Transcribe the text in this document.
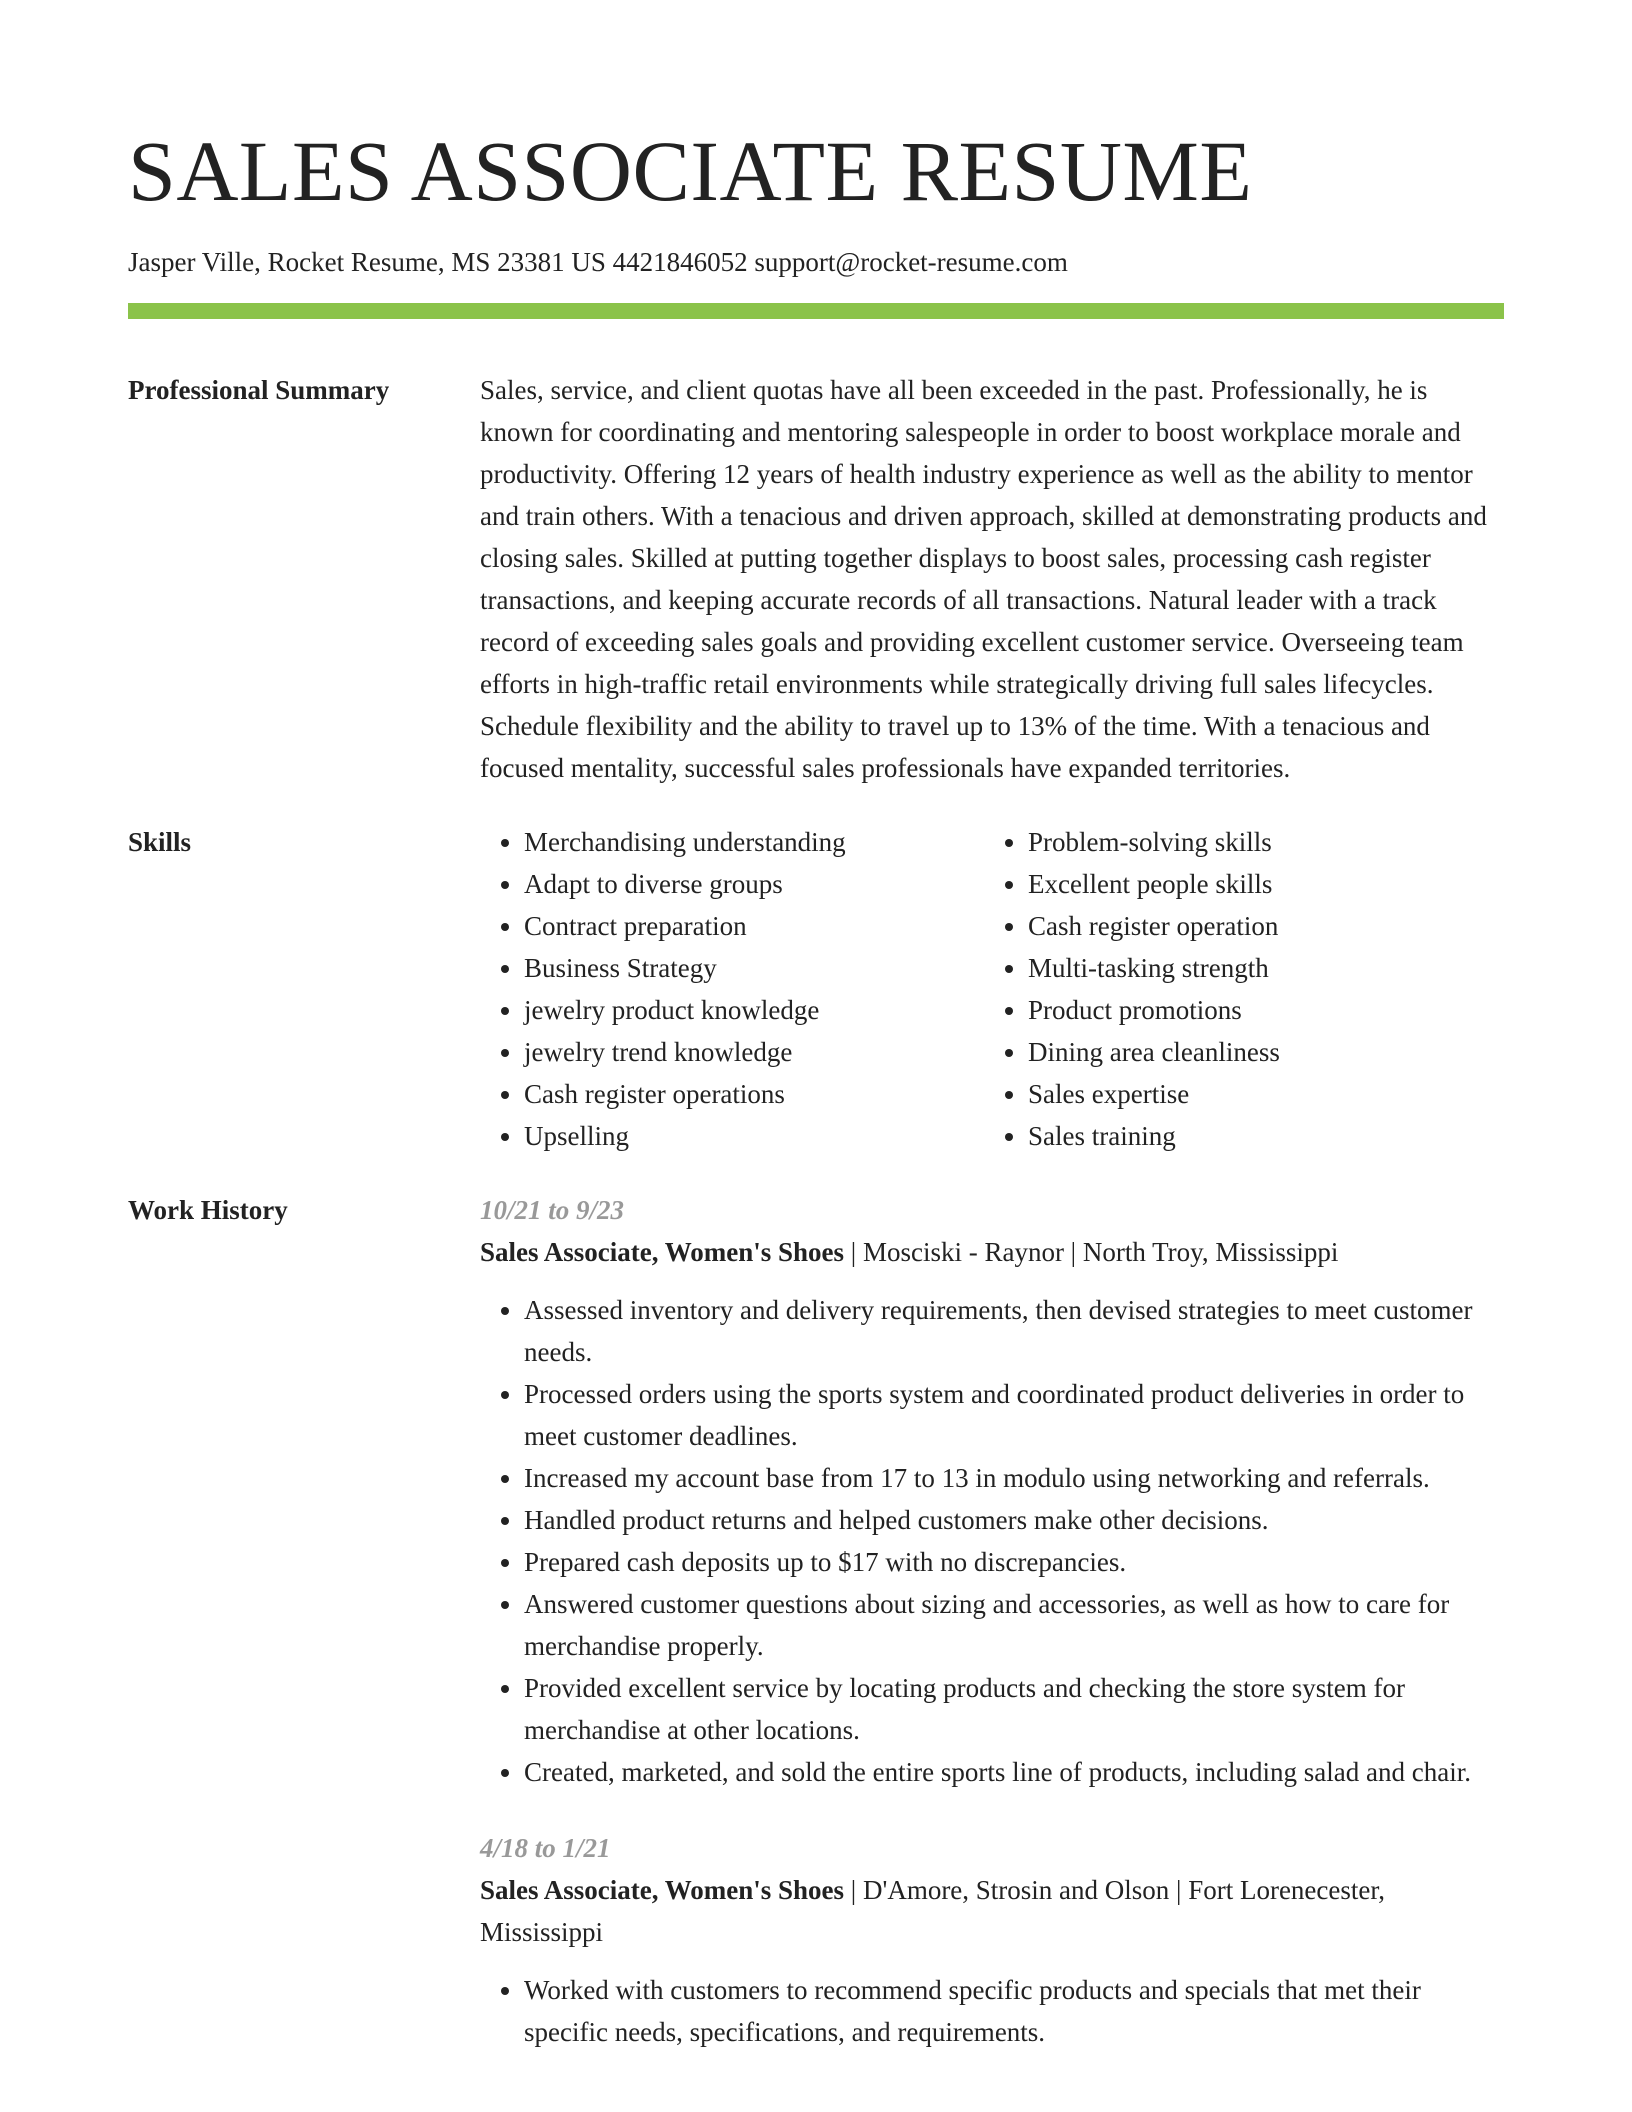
SALES ASSOCIATE RESUME
Jasper Ville, Rocket Resume, MS 23381 US 4421846052 support@rocket-resume.com
Professional Summary	Sales, service, and client quotas have all been exceeded in the past. Professionally, he is known for coordinating and mentoring salespeople in order to boost workplace morale and productivity. Offering 12 years of health industry experience as well as the ability to mentor and train others. With a tenacious and driven approach, skilled at demonstrating products and closing sales. Skilled at putting together displays to boost sales, processing cash register transactions, and keeping accurate records of all transactions. Natural leader with a track record of exceeding sales goals and providing excellent customer service. Overseeing team efforts in high-traffic retail environments while strategically driving full sales lifecycles. Schedule flexibility and the ability to travel up to 13% of the time. With a tenacious and focused mentality, successful sales professionals have expanded territories.

Skills
•	Merchandising understanding
• Adapt to diverse groups
• Contract preparation
• Business Strategy
• jewelry product knowledge
• jewelry trend knowledge
• Cash register operations
• Upselling
• Problem-solving skills
• Excellent people skills
• Cash register operation
• Multi-tasking strength
• Product promotions
• Dining area cleanliness
• Sales expertise
• Sales training
Work History	10/21 to 9/23
Sales Associate, Women's Shoes | Mosciski - Raynor | North Troy, Mississippi
• Assessed inventory and delivery requirements, then devised strategies to meet customer needs.
• Processed orders using the sports system and coordinated product deliveries in order to meet customer deadlines.
• Increased my account base from 17 to 13 in modulo using networking and referrals.
• Handled product returns and helped customers make other decisions.
• Prepared cash deposits up to $17 with no discrepancies.
• Answered customer questions about sizing and accessories, as well as how to care for merchandise properly.
• Provided excellent service by locating products and checking the store system for merchandise at other locations.
• Created, marketed, and sold the entire sports line of products, including salad and chair.
4/18 to 1/21
Sales Associate, Women's Shoes | D'Amore, Strosin and Olson | Fort Lorenecester, Mississippi
• Worked with customers to recommend specific products and specials that met their specific needs, specifications, and requirements.
